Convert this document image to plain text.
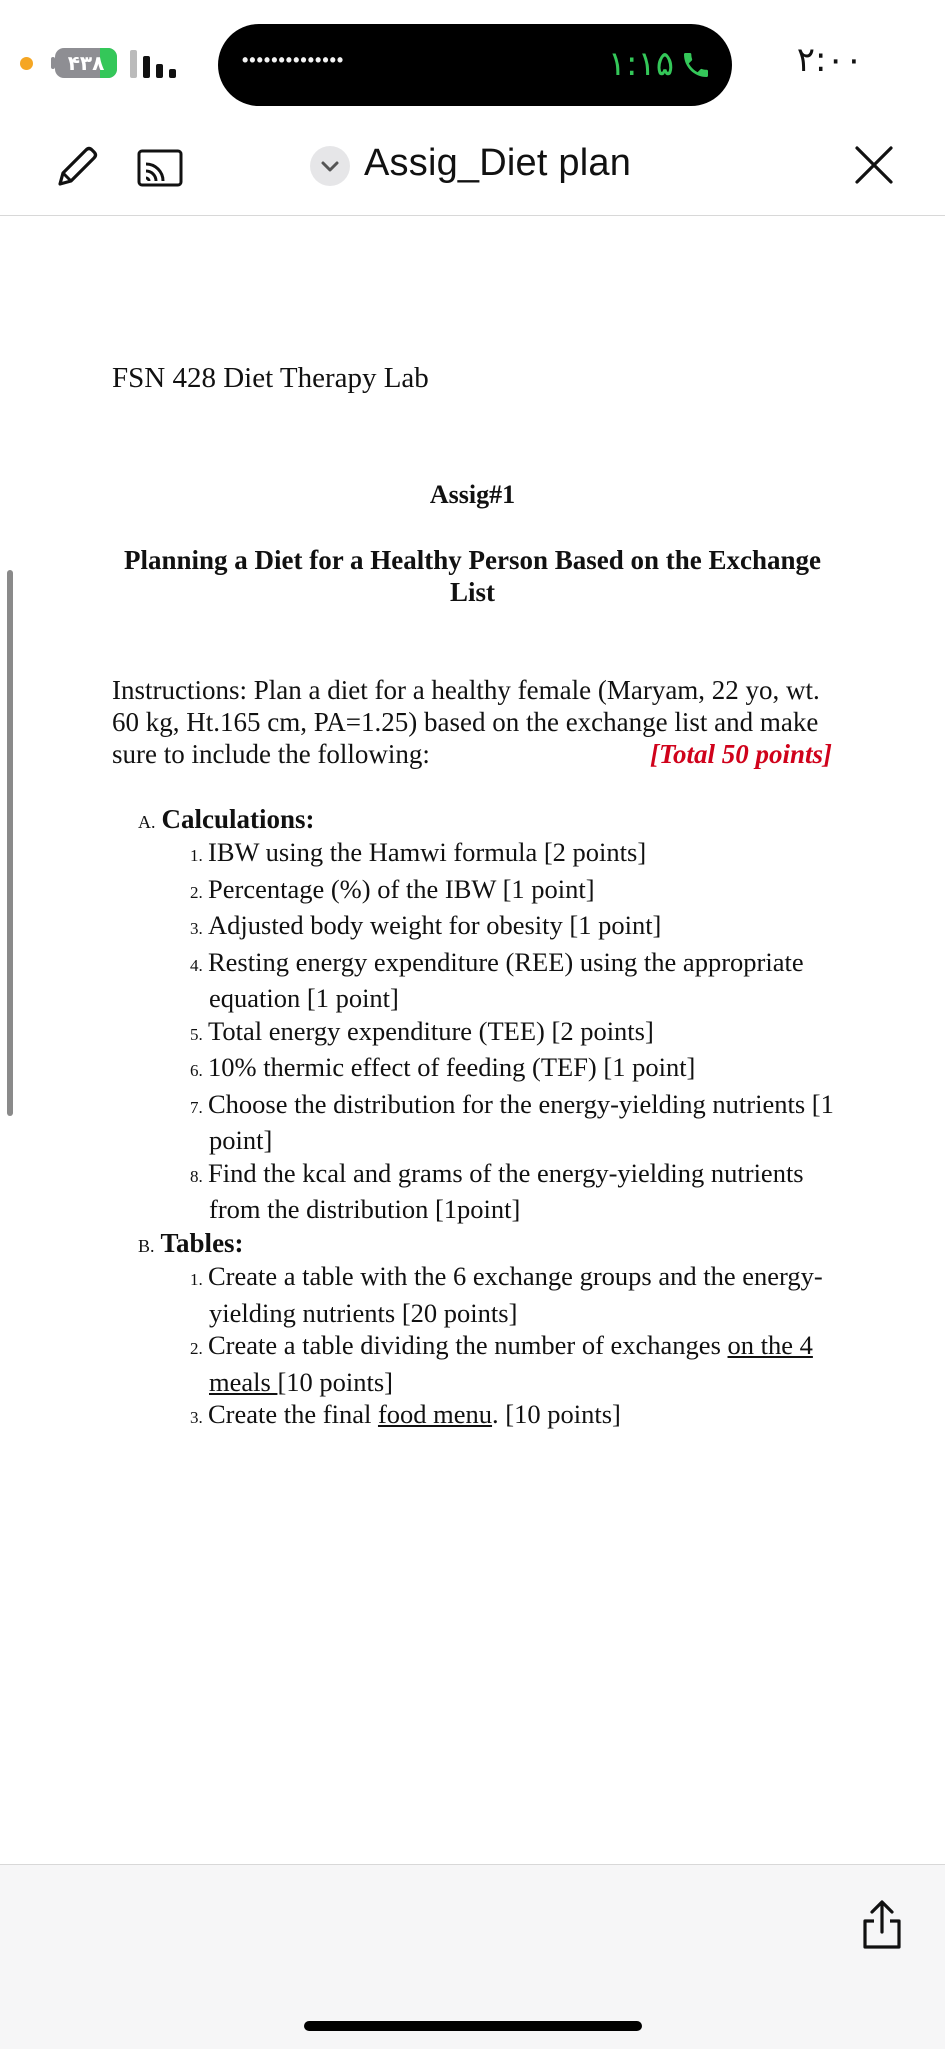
۴۳٨	••••••••••••••	۱:۱۵	۲:۰۰
Assig_Diet plan
FSN 428 Diet Therapy Lab
Assig#1
Planning a Diet for a Healthy Person Based on the Exchange List
Instructions: Plan a diet for a healthy female (Maryam, 22 yo, wt. 60 kg, Ht.165 cm, PA=1.25) based on the exchange list and make sure to include the following:	[Total 50 points]
A. Calculations:
1. IBW using the Hamwi formula [2 points]
2. Percentage (%) of the IBW [1 point]
3. Adjusted body weight for obesity [1 point]
4. Resting energy expenditure (REE) using the appropriate equation [1 point]
5. Total energy expenditure (TEE) [2 points]
6. 10% thermic effect of feeding (TEF) [1 point]
7. Choose the distribution for the energy-yielding nutrients [1 point]
8. Find the kcal and grams of the energy-yielding nutrients from the distribution [1point]
B. Tables:
1. Create a table with the 6 exchange groups and the energy-yielding nutrients [20 points]
2. Create a table dividing the number of exchanges on the 4 meals [10 points]
3. Create the final food menu. [10 points]
